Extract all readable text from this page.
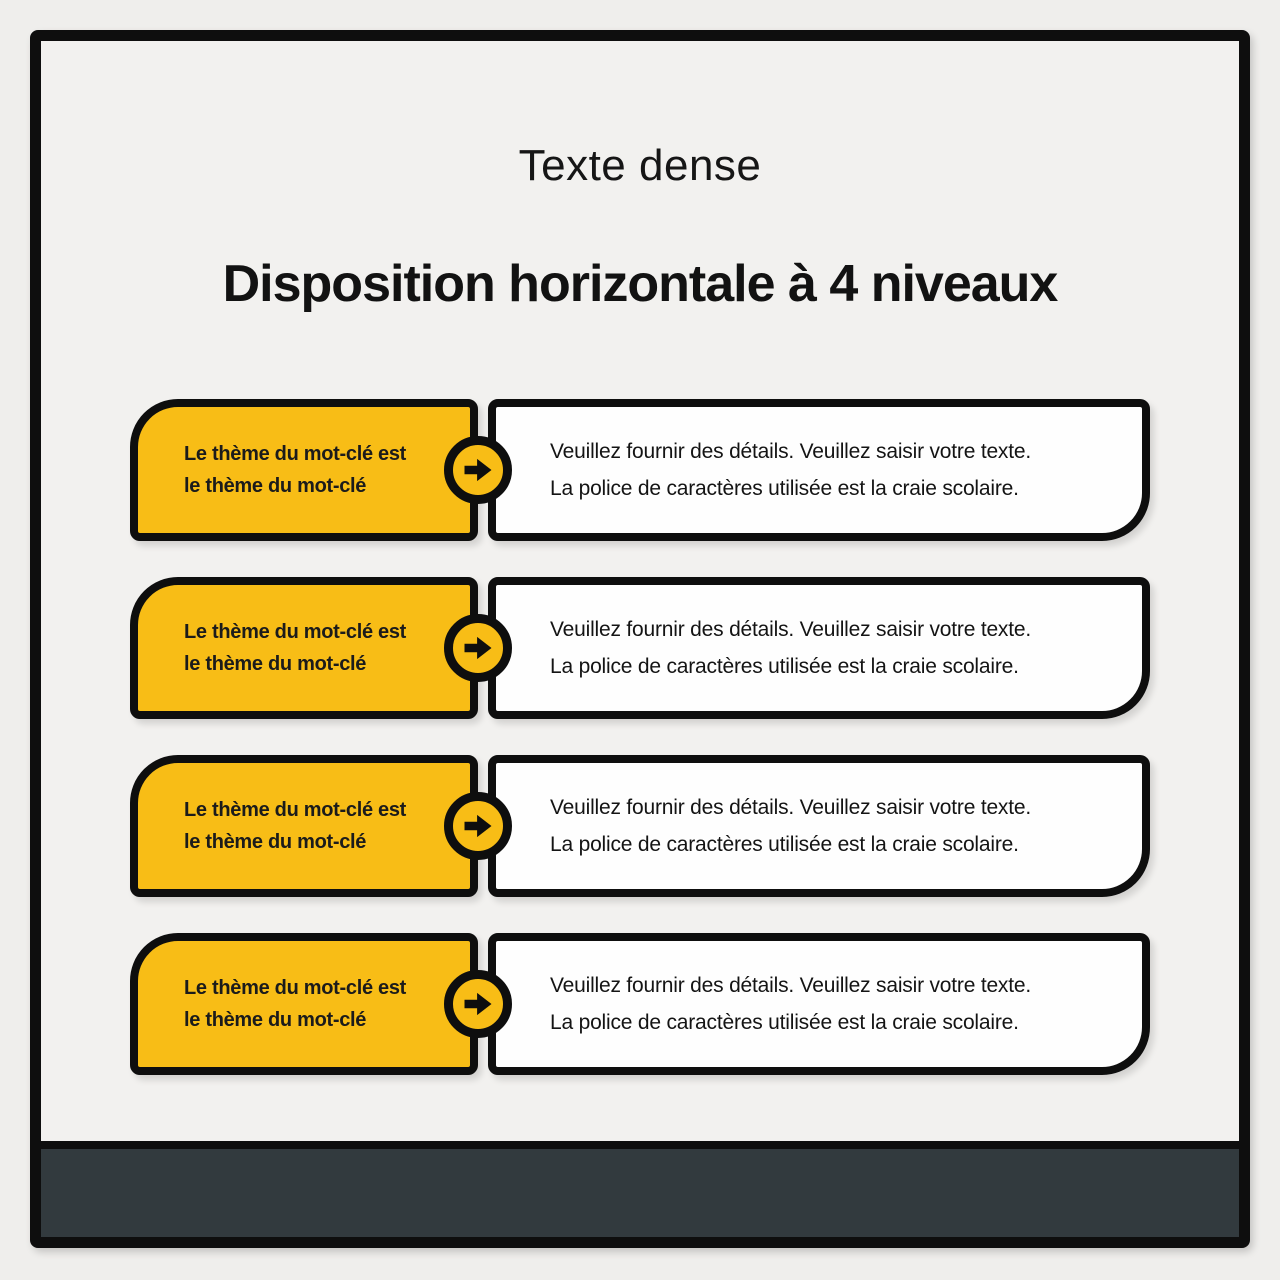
Texte dense
Disposition horizontale à 4 niveaux
Le thème du mot-clé est
le thème du mot-clé
Veuillez fournir des détails. Veuillez saisir votre texte.
La police de caractères utilisée est la craie scolaire.
Le thème du mot-clé est
le thème du mot-clé
Veuillez fournir des détails. Veuillez saisir votre texte.
La police de caractères utilisée est la craie scolaire.
Le thème du mot-clé est
le thème du mot-clé
Veuillez fournir des détails. Veuillez saisir votre texte.
La police de caractères utilisée est la craie scolaire.
Le thème du mot-clé est
le thème du mot-clé
Veuillez fournir des détails. Veuillez saisir votre texte.
La police de caractères utilisée est la craie scolaire.
